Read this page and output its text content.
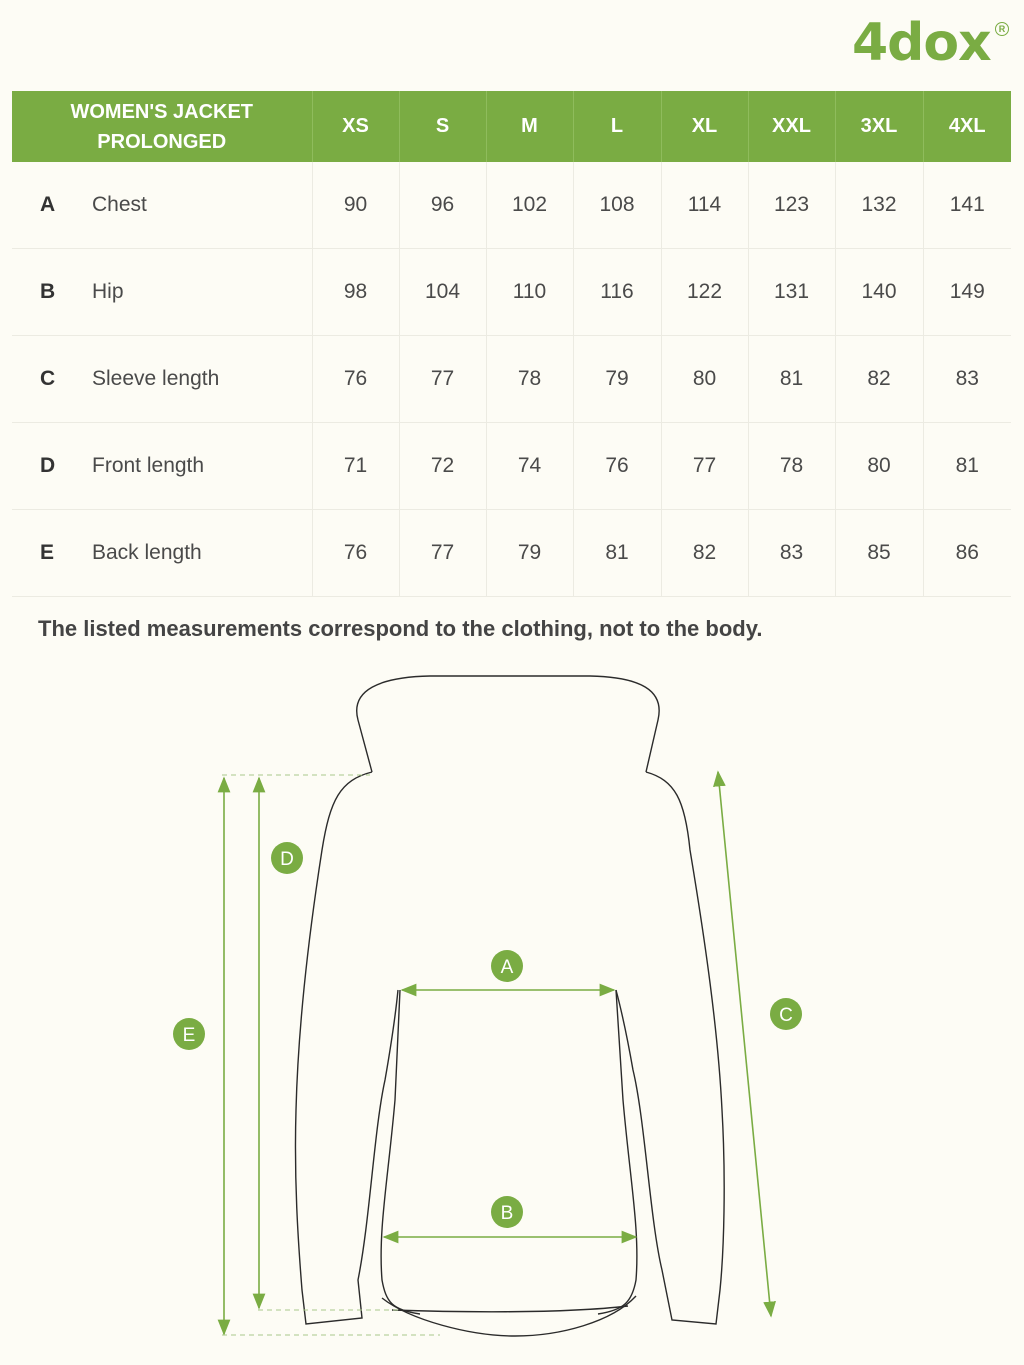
4dox R
WOMEN'S JACKET
PROLONGED	XS	S	M	L	XL	XXL	3XL	4XL
A Chest	90	96	102	108	114	123	132	141
B Hip	98	104	110	116	122	131	140	149
C Sleeve length	76	77	78	79	80	81	82	83
D Front length	71	72	74	76	77	78	80	81
E Back length	76	77	79	81	82	83	85	86
The listed measurements correspond to the clothing, not to the body.
D
E
A
B
C
